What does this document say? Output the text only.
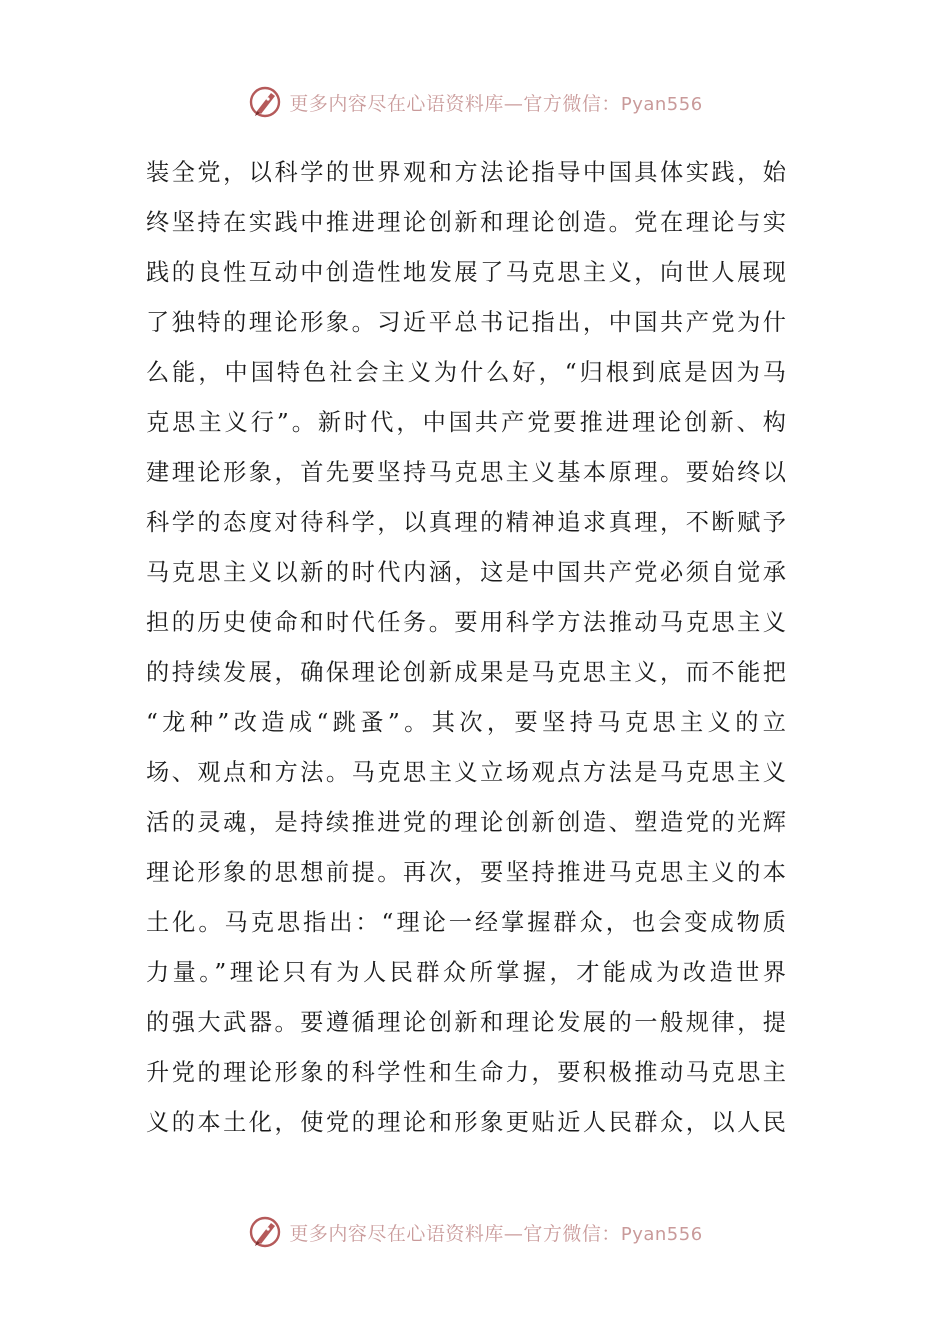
更多内容尽在心语资料库—官方微信：Pyan556
装全党，以科学的世界观和方法论指导中国具体实践，始
终坚持在实践中推进理论创新和理论创造。党在理论与实
践的良性互动中创造性地发展了马克思主义，向世人展现
了独特的理论形象。习近平总书记指出，中国共产党为什
么能，中国特色社会主义为什么好，“归根到底是因为马
克思主义行”。新时代，中国共产党要推进理论创新、构
建理论形象，首先要坚持马克思主义基本原理。要始终以
科学的态度对待科学，以真理的精神追求真理，不断赋予
马克思主义以新的时代内涵，这是中国共产党必须自觉承
担的历史使命和时代任务。要用科学方法推动马克思主义
的持续发展，确保理论创新成果是马克思主义，而不能把
“龙种”改造成“跳蚤”。其次，要坚持马克思主义的立
场、观点和方法。马克思主义立场观点方法是马克思主义
活的灵魂，是持续推进党的理论创新创造、塑造党的光辉
理论形象的思想前提。再次，要坚持推进马克思主义的本
土化。马克思指出：“理论一经掌握群众，也会变成物质
力量。”理论只有为人民群众所掌握，才能成为改造世界
的强大武器。要遵循理论创新和理论发展的一般规律，提
升党的理论形象的科学性和生命力，要积极推动马克思主
义的本土化，使党的理论和形象更贴近人民群众，以人民
更多内容尽在心语资料库—官方微信：Pyan556
